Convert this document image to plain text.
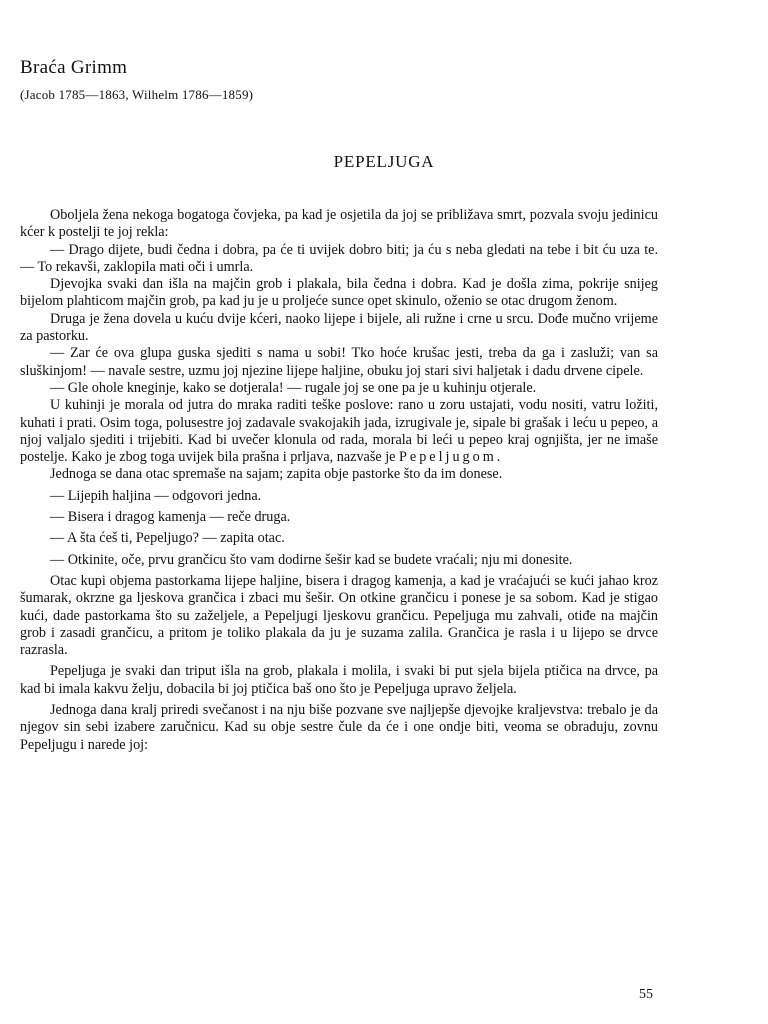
Braća Grimm

(Jacob 1785—1863, Wilhelm 1786—1859)

PEPELJUGA

Oboljela žena nekoga bogatoga čovjeka, pa kad je osjetila da joj se približava smrt, pozvala svoju jedinicu kćer k postelji te joj rekla:

— Drago dijete, budi čedna i dobra, pa će ti uvijek dobro biti; ja ću s neba gledati na tebe i bit ću uza te. — To rekavši, zaklopila mati oči i umrla.

Djevojka svaki dan išla na majčin grob i plakala, bila čedna i dobra. Kad je došla zima, pokrije snijeg bijelom plahticom majčin grob, pa kad ju je u proljeće sunce opet skinulo, oženio se otac drugom ženom.

Druga je žena dovela u kuću dvije kćeri, naoko lijepe i bijele, ali ružne i crne u srcu. Dođe mučno vrijeme za pastorku.

— Zar će ova glupa guska sjediti s nama u sobi! Tko hoće krušac jesti, treba da ga i zasluži; van sa sluškinjom! — navale sestre, uzmu joj njezine lijepe haljine, obuku joj stari sivi haljetak i dadu drvene cipele.

— Gle ohole kneginje, kako se dotjerala! — rugale joj se one pa je u kuhinju otjerale.

U kuhinji je morala od jutra do mraka raditi teške poslove: rano u zoru ustajati, vodu nositi, vatru ložiti, kuhati i prati. Osim toga, polusestre joj zadavale svakojakih jada, izrugivale je, sipale bi grašak i leću u pepeo, a njoj valjalo sjediti i trijebiti. Kad bi uvečer klonula od rada, morala bi leći u pepeo kraj ognjišta, jer ne imaše postelje. Kako je zbog toga uvijek bila prašna i prljava, nazvaše je Pepeljugom.

Jednoga se dana otac spremaše na sajam; zapita obje pastorke što da im donese.

— Lijepih haljina — odgovori jedna.

— Bisera i dragog kamenja — reče druga.

— A šta ćeš ti, Pepeljugo? — zapita otac.

— Otkinite, oče, prvu grančicu što vam dodirne šešir kad se budete vraćali; nju mi donesite.

Otac kupi objema pastorkama lijepe haljine, bisera i dragog kamenja, a kad je vraćajući se kući jahao kroz šumarak, okrzne ga ljeskova grančica i zbaci mu šešir. On otkine grančicu i ponese je sa sobom. Kad je stigao kući, dade pastorkama što su zaželjele, a Pepeljugi ljeskovu grančicu. Pepeljuga mu zahvali, otiđe na majčin grob i zasadi grančicu, a pritom je toliko plakala da ju je suzama zalila. Grančica je rasla i u lijepo se drvce razrasla.

Pepeljuga je svaki dan triput išla na grob, plakala i molila, i svaki bi put sjela bijela ptičica na drvce, pa kad bi imala kakvu želju, dobacila bi joj ptičica baš ono što je Pepeljuga upravo željela.

Jednoga dana kralj priredi svečanost i na nju biše pozvane sve najljepše djevojke kraljevstva: trebalo je da njegov sin sebi izabere zaručnicu. Kad su obje sestre čule da će i one ondje biti, veoma se obraduju, zovnu Pepeljugu i narede joj:

55
